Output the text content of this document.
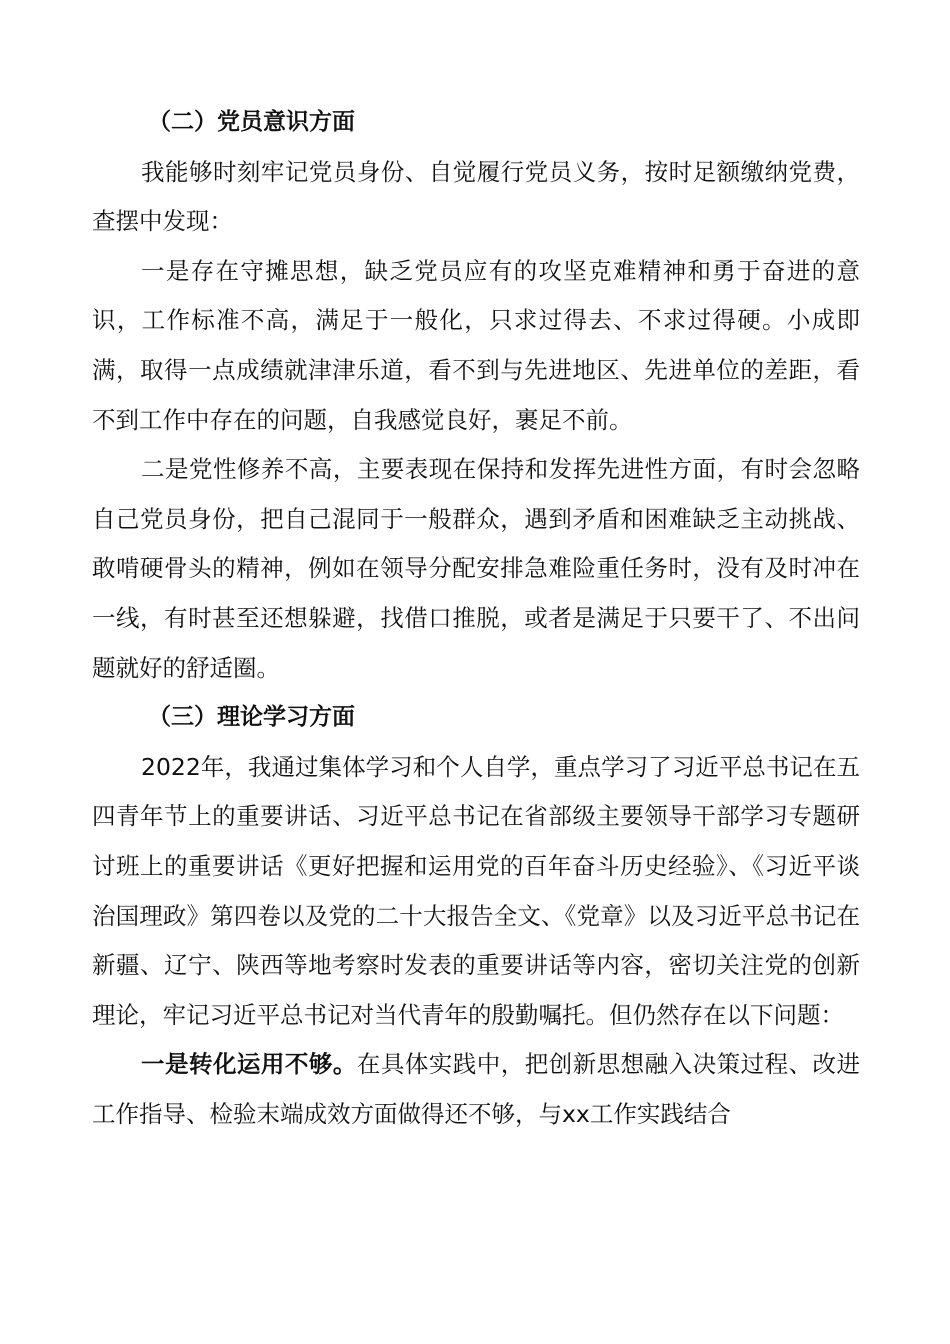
（二）党员意识方面

我能够时刻牢记党员身份、自觉履行党员义务，按时足额缴纳党费，查摆中发现：

一是存在守摊思想，缺乏党员应有的攻坚克难精神和勇于奋进的意识，工作标准不高，满足于一般化，只求过得去、不求过得硬。小成即满，取得一点成绩就津津乐道，看不到与先进地区、先进单位的差距，看不到工作中存在的问题，自我感觉良好，裹足不前。

二是党性修养不高，主要表现在保持和发挥先进性方面，有时会忽略自己党员身份，把自己混同于一般群众，遇到矛盾和困难缺乏主动挑战、敢啃硬骨头的精神，例如在领导分配安排急难险重任务时，没有及时冲在一线，有时甚至还想躲避，找借口推脱，或者是满足于只要干了、不出问题就好的舒适圈。

（三）理论学习方面

2022年，我通过集体学习和个人自学，重点学习了习近平总书记在五四青年节上的重要讲话、习近平总书记在省部级主要领导干部学习专题研讨班上的重要讲话《更好把握和运用党的百年奋斗历史经验》、《习近平谈治国理政》第四卷以及党的二十大报告全文、《党章》以及习近平总书记在新疆、辽宁、陕西等地考察时发表的重要讲话等内容，密切关注党的创新理论，牢记习近平总书记对当代青年的殷勤嘱托。但仍然存在以下问题：

一是转化运用不够。在具体实践中，把创新思想融入决策过程、改进工作指导、检验末端成效方面做得还不够，与xx工作实践结合
